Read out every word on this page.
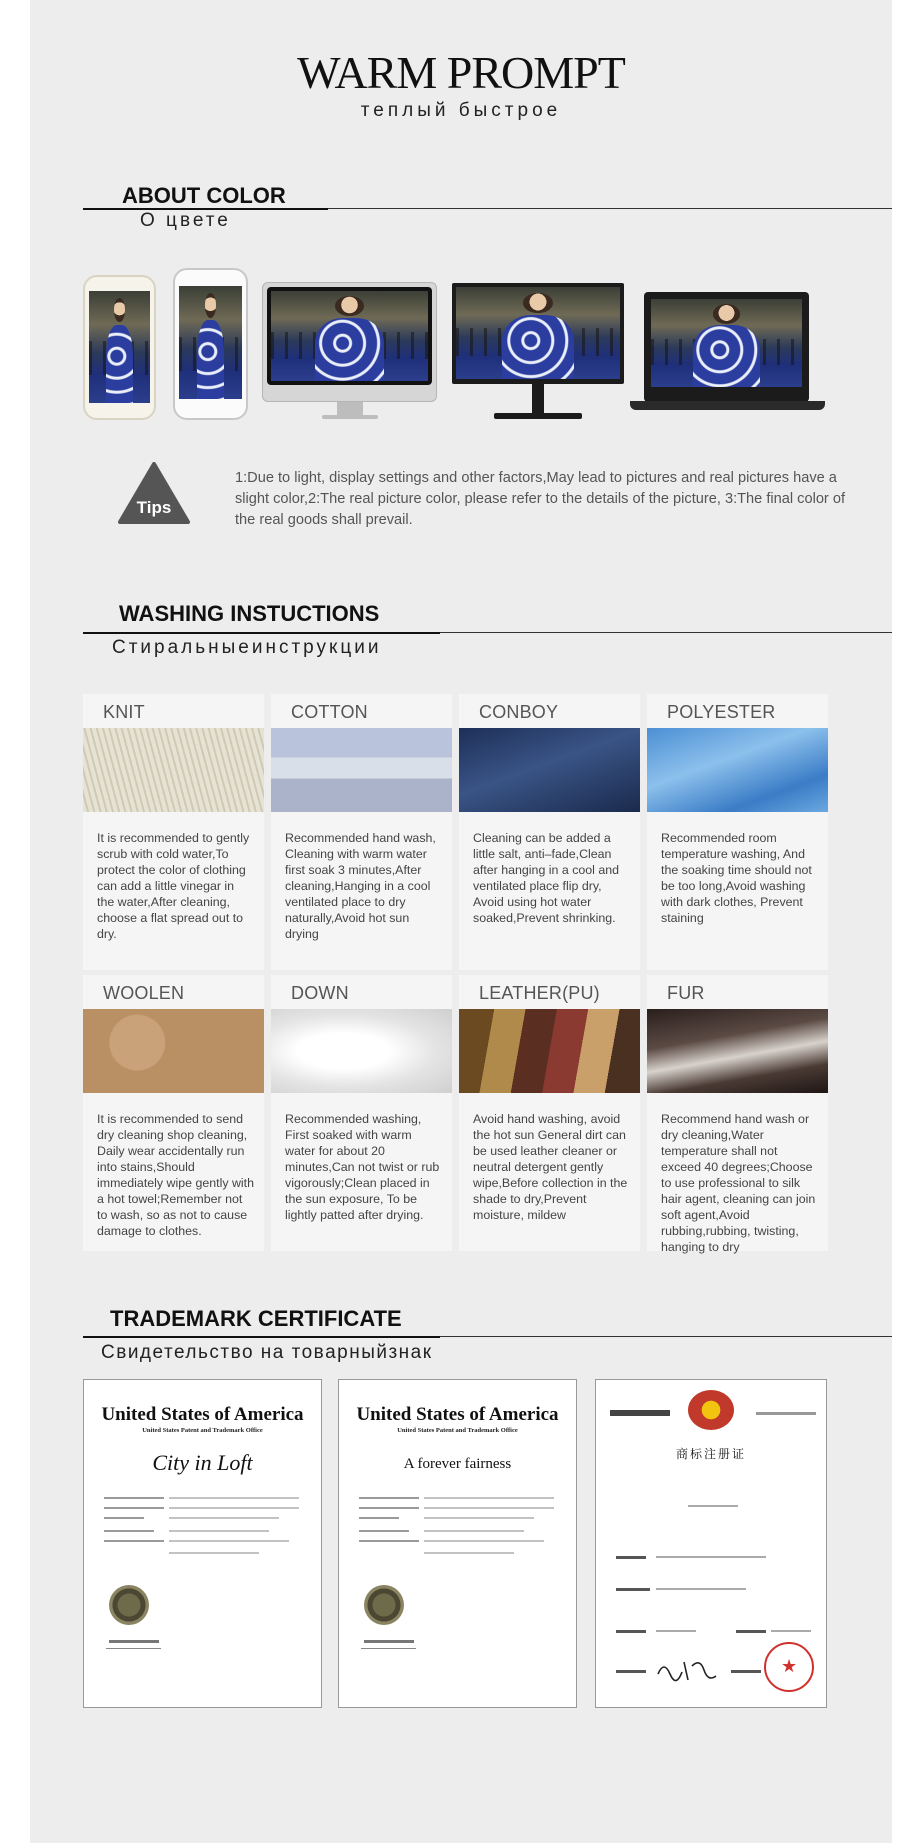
WARM PROMPT
теплый быстрое
ABOUT COLOR
О цвете
Tips
1:Due to light, display settings and other factors,May lead to pictures and real pictures have a slight color,2:The real picture color, please refer to the details of the picture, 3:The final color of the real goods shall prevail.
WASHING INSTUCTIONS
Стиральныеинструкции
KNIT
It is recommended to gently scrub with cold water,To protect the color of clothing can add a little vinegar in the water,After cleaning, choose a flat spread out to dry.
COTTON
Recommended hand wash, Cleaning with warm water first soak 3 minutes,After cleaning,Hanging in a cool ventilated place to dry naturally,Avoid hot sun drying
CONBOY
Cleaning can be added a little salt, anti–fade,Clean after hanging in a cool and ventilated place flip dry, Avoid using hot water soaked,Prevent shrinking.
POLYESTER
Recommended room temperature washing, And the soaking time should not be too long,Avoid washing with dark clothes, Prevent staining
WOOLEN
It is recommended to send dry cleaning shop cleaning, Daily wear accidentally run into stains,Should immediately wipe gently with a hot towel;Remember not to wash, so as not to cause damage to clothes.
DOWN
Recommended washing, First soaked with warm water for about 20 minutes,Can not twist or rub vigorously;Clean placed in the sun exposure, To be lightly patted after drying.
LEATHER(PU)
Avoid hand washing, avoid the hot sun General dirt can be used leather cleaner or neutral detergent gently wipe,Before collection in the shade to dry,Prevent moisture, mildew
FUR
Recommend hand wash or dry cleaning,Water temperature shall not exceed 40 degrees;Choose to use professional to silk hair agent, cleaning can join soft agent,Avoid rubbing,rubbing, twisting, hanging to dry
TRADEMARK CERTIFICATE
Свидетельство на товарныйзнак
United States of America
United States Patent and Trademark Office
City in Loft
United States of America
United States Patent and Trademark Office
A forever fairness
商标注册证
★
